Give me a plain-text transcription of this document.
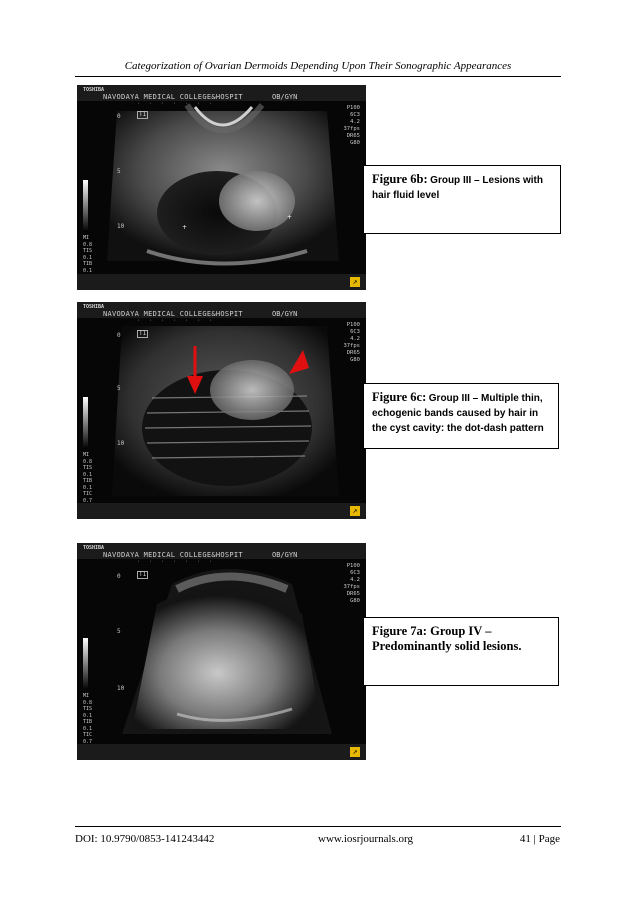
Categorization of Ovarian Dermoids Depending Upon Their Sonographic Appearances
TOSHIBA
NAVODAYA MEDICAL COLLEGE&HOSPIT	OB/GYN
+
+
·······
T1
0
5
10
P100
6C3
4.2
37fps
DR65
G80
MI
0.8
TIS
0.1
TIB
0.1
↗
Figure 6b: Group III – Lesions with hair fluid level
TOSHIBA
NAVODAYA MEDICAL COLLEGE&HOSPIT	OB/GYN
·······
T1
0
5
10
P100
6C3
4.2
37fps
DR65
G80
MI
0.8
TIS
0.1
TIB
0.1
TIC
0.7
↗
Figure 6c: Group III – Multiple thin, echogenic bands caused by hair in the cyst cavity: the dot-dash pattern
TOSHIBA
NAVODAYA MEDICAL COLLEGE&HOSPIT	OB/GYN
·······
T1
0
5
10
P100
6C3
4.2
37fps
DR65
G80
MI
0.8
TIS
0.1
TIB
0.1
TIC
0.7
↗
Figure 7a: Group IV –
Predominantly solid lesions.
DOI: 10.9790/0853-141243442	www.iosrjournals.org	41 | Page
